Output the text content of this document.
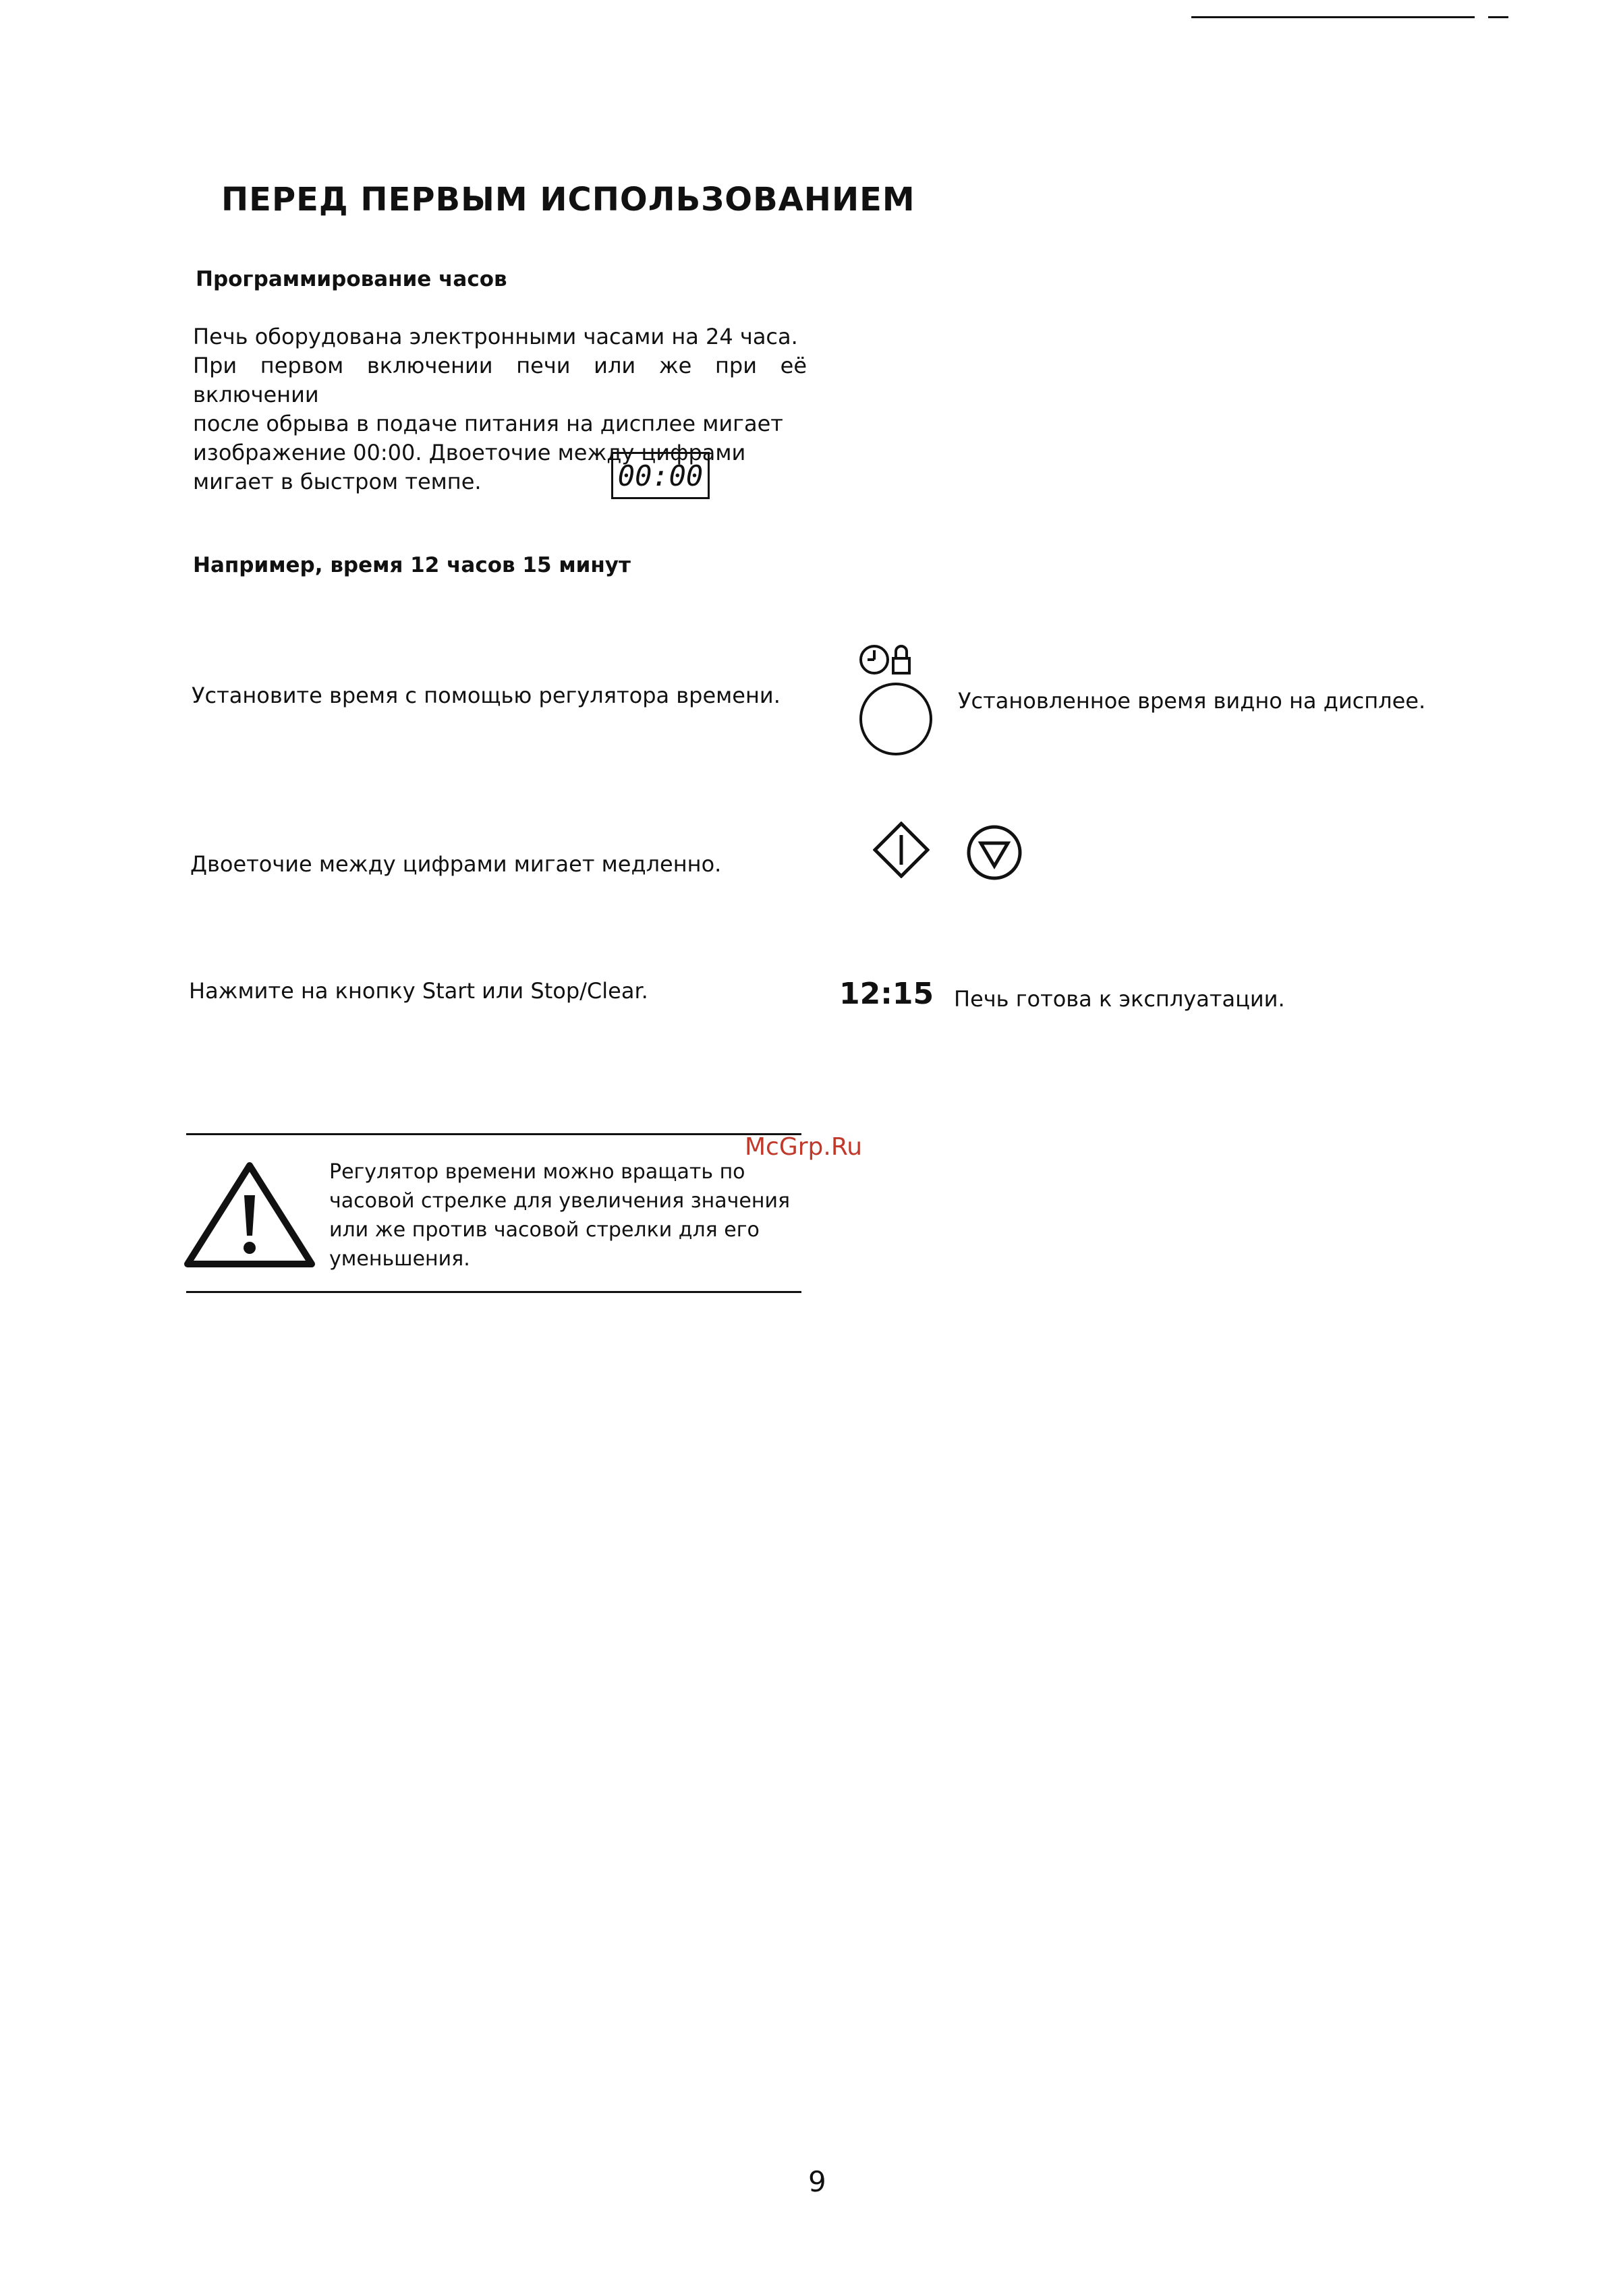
ПЕРЕД ПЕРВЫМ ИСПОЛЬЗОВАНИЕМ
Программирование часов
Печь оборудована электронными часами на 24 часа.
При первом включении печи или же при её включении
после обрыва в подаче питания на дисплее мигает
изображение 00:00. Двоеточие между цифрами
мигает в быстром темпе.	00:00
Например, время 12 часов 15 минут
Установите время с помощью регулятора времени.	Установленное время видно на дисплее.
Двоеточие между цифрами мигает медленно.
Нажмите на кнопку Start или Stop/Clear.	12:15 Печь готова к эксплуатации.
McGrp.Ru
Регулятор времени можно вращать по
часовой стрелке для увеличения значения
или же против часовой стрелки для его
уменьшения.
9
